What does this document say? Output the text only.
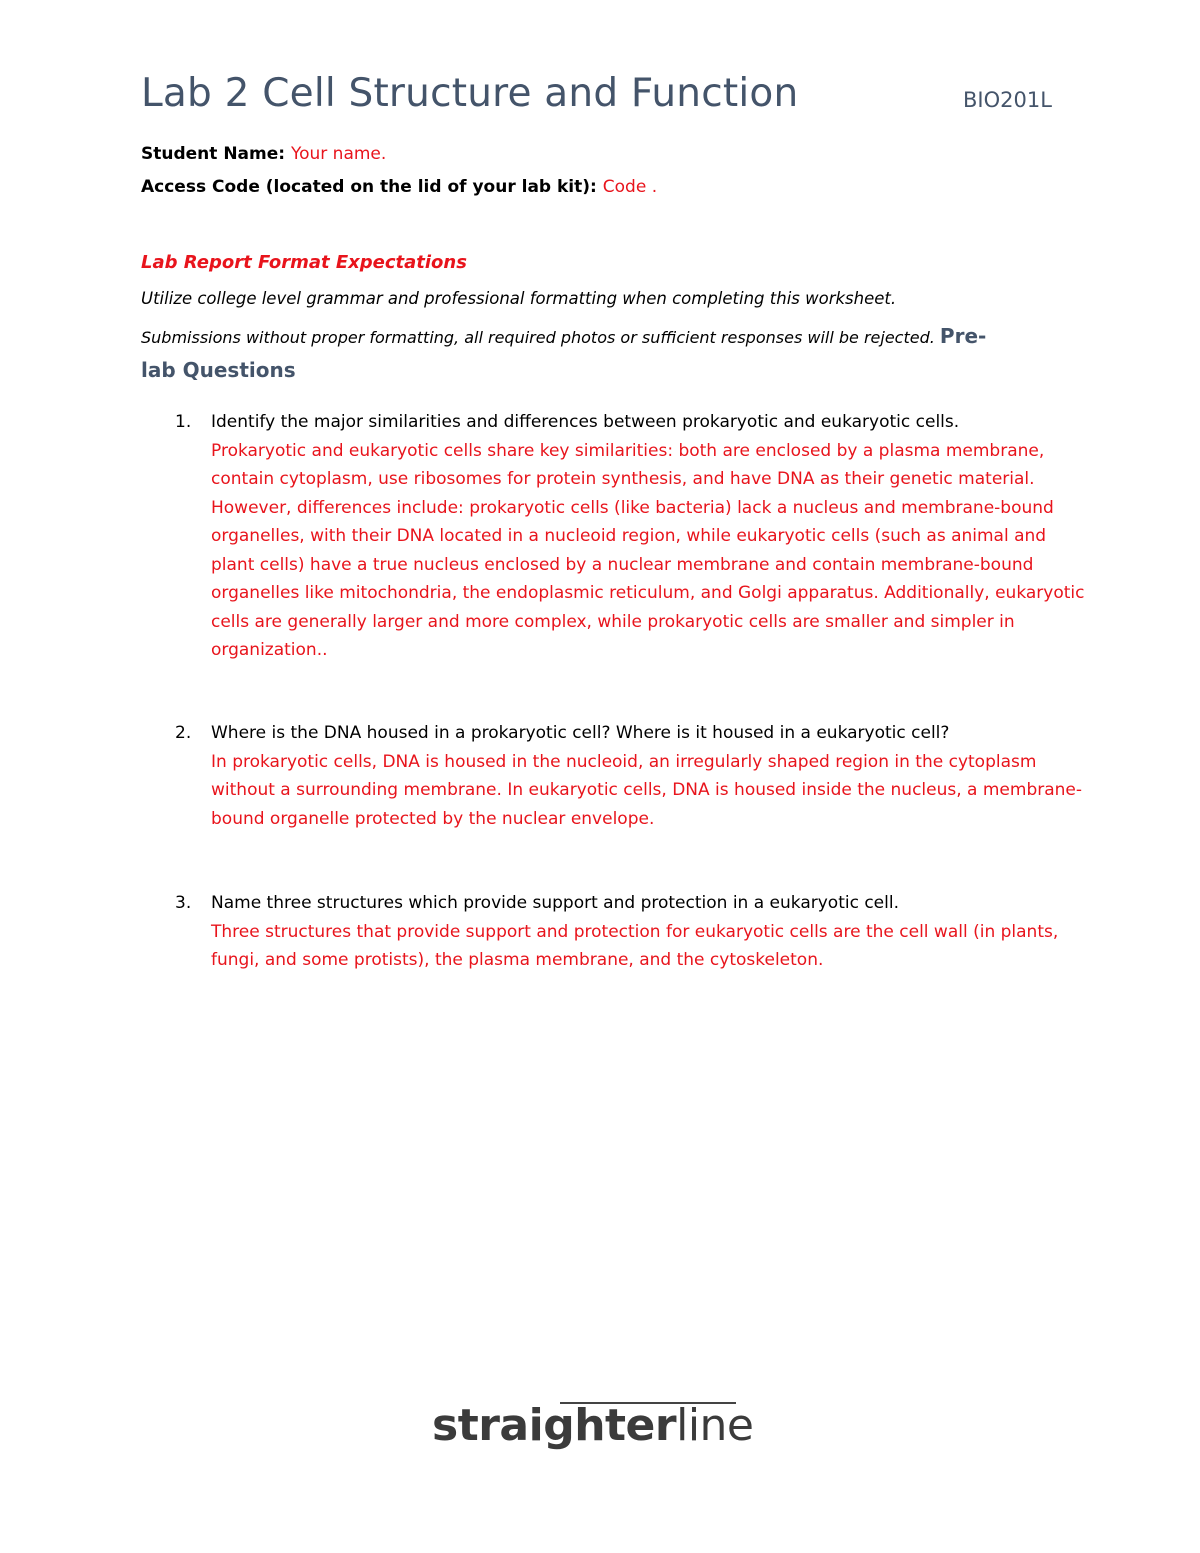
Lab 2 Cell Structure and Function	BIO201L
Student Name: Your name.
Access Code (located on the lid of your lab kit): Code .
Lab Report Format Expectations
Utilize college level grammar and professional formatting when completing this worksheet.
Submissions without proper formatting, all required photos or sufficient responses will be rejected. Pre-
lab Questions
1. Identify the major similarities and differences between prokaryotic and eukaryotic cells.
Prokaryotic and eukaryotic cells share key similarities: both are enclosed by a plasma membrane, contain cytoplasm, use ribosomes for protein synthesis, and have DNA as their genetic material. However, differences include: prokaryotic cells (like bacteria) lack a nucleus and membrane-bound organelles, with their DNA located in a nucleoid region, while eukaryotic cells (such as animal and plant cells) have a true nucleus enclosed by a nuclear membrane and contain membrane-bound organelles like mitochondria, the endoplasmic reticulum, and Golgi apparatus. Additionally, eukaryotic cells are generally larger and more complex, while prokaryotic cells are smaller and simpler in organization..
2. Where is the DNA housed in a prokaryotic cell? Where is it housed in a eukaryotic cell?
In prokaryotic cells, DNA is housed in the nucleoid, an irregularly shaped region in the cytoplasm without a surrounding membrane. In eukaryotic cells, DNA is housed inside the nucleus, a membrane-bound organelle protected by the nuclear envelope.
3. Name three structures which provide support and protection in a eukaryotic cell.
Three structures that provide support and protection for eukaryotic cells are the cell wall (in plants, fungi, and some protists), the plasma membrane, and the cytoskeleton.
straighterline
